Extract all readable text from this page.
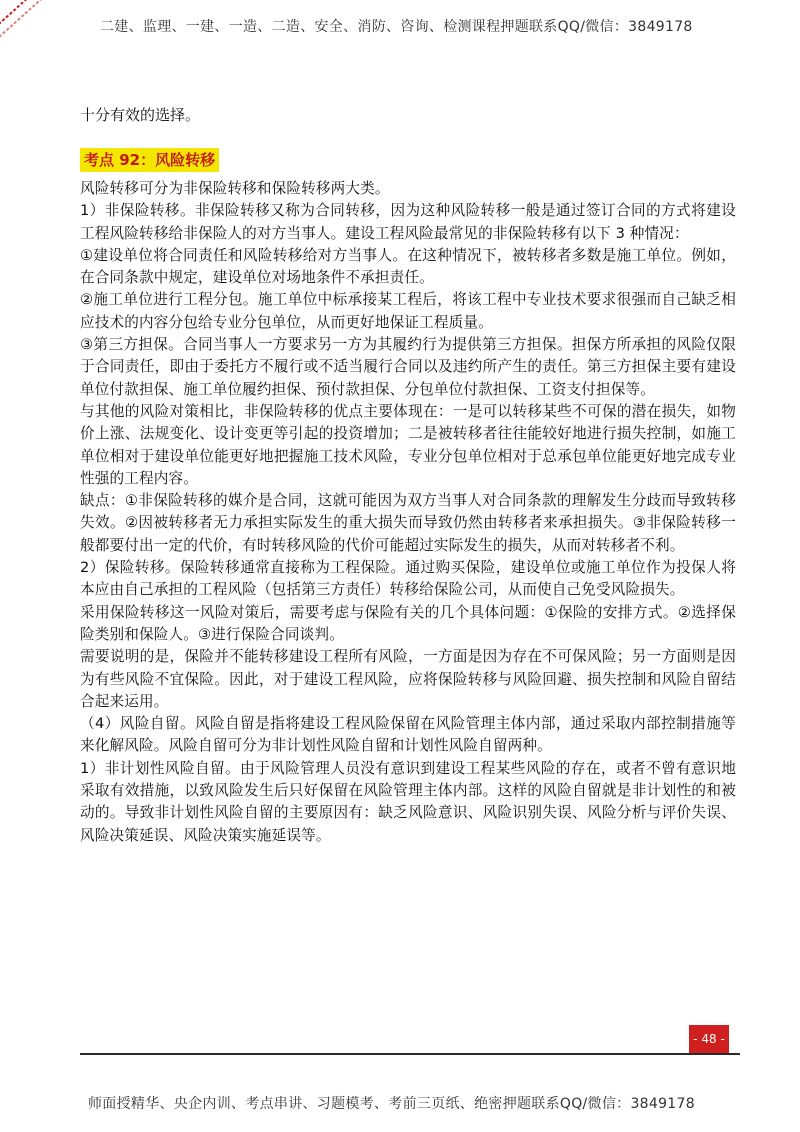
二建、监理、一建、一造、二造、安全、消防、咨询、检测课程押题联系QQ/微信：3849178

十分有效的选择。

考点 92：风险转移

风险转移可分为非保险转移和保险转移两大类。

1）非保险转移。非保险转移又称为合同转移，因为这种风险转移一般是通过签订合同的方式将建设工程风险转移给非保险人的对方当事人。建设工程风险最常见的非保险转移有以下 3 种情况：

①建设单位将合同责任和风险转移给对方当事人。在这种情况下，被转移者多数是施工单位。例如，在合同条款中规定，建设单位对场地条件不承担责任。

②施工单位进行工程分包。施工单位中标承接某工程后，将该工程中专业技术要求很强而自己缺乏相应技术的内容分包给专业分包单位，从而更好地保证工程质量。

③第三方担保。合同当事人一方要求另一方为其履约行为提供第三方担保。担保方所承担的风险仅限于合同责任，即由于委托方不履行或不适当履行合同以及违约所产生的责任。第三方担保主要有建设单位付款担保、施工单位履约担保、预付款担保、分包单位付款担保、工资支付担保等。

与其他的风险对策相比，非保险转移的优点主要体现在：一是可以转移某些不可保的潜在损失，如物价上涨、法规变化、设计变更等引起的投资增加；二是被转移者往往能较好地进行损失控制，如施工单位相对于建设单位能更好地把握施工技术风险，专业分包单位相对于总承包单位能更好地完成专业性强的工程内容。

缺点：①非保险转移的媒介是合同，这就可能因为双方当事人对合同条款的理解发生分歧而导致转移失效。②因被转移者无力承担实际发生的重大损失而导致仍然由转移者来承担损失。③非保险转移一般都要付出一定的代价，有时转移风险的代价可能超过实际发生的损失，从而对转移者不利。

2）保险转移。保险转移通常直接称为工程保险。通过购买保险，建设单位或施工单位作为投保人将本应由自己承担的工程风险（包括第三方责任）转移给保险公司，从而使自己免受风险损失。

采用保险转移这一风险对策后，需要考虑与保险有关的几个具体问题：①保险的安排方式。②选择保险类别和保险人。③进行保险合同谈判。

需要说明的是，保险并不能转移建设工程所有风险，一方面是因为存在不可保风险；另一方面则是因为有些风险不宜保险。因此，对于建设工程风险，应将保险转移与风险回避、损失控制和风险自留结合起来运用。

（4）风险自留。风险自留是指将建设工程风险保留在风险管理主体内部，通过采取内部控制措施等来化解风险。风险自留可分为非计划性风险自留和计划性风险自留两种。

1）非计划性风险自留。由于风险管理人员没有意识到建设工程某些风险的存在，或者不曾有意识地采取有效措施，以致风险发生后只好保留在风险管理主体内部。这样的风险自留就是非计划性的和被动的。导致非计划性风险自留的主要原因有：缺乏风险意识、风险识别失误、风险分析与评价失误、风险决策延误、风险决策实施延误等。

- 48 -
师面授精华、央企内训、考点串讲、习题模考、考前三页纸、绝密押题联系QQ/微信：3849178
